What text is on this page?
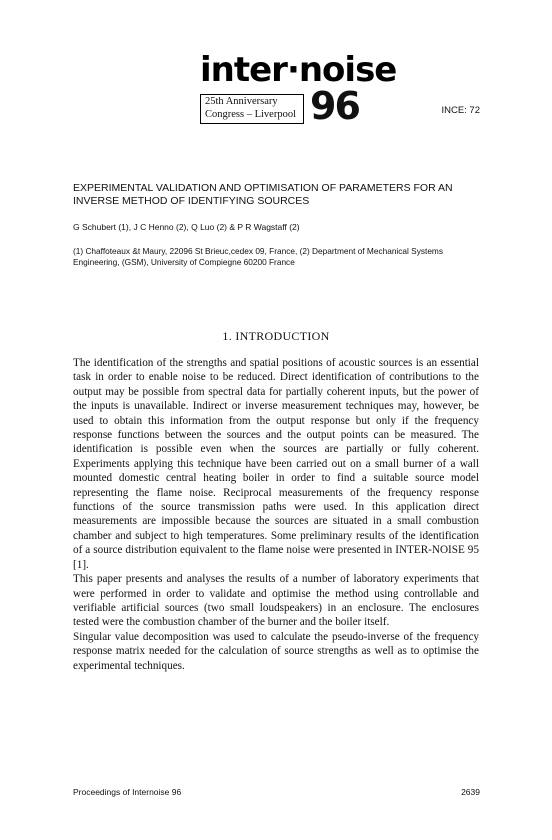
inter·noise
25th Anniversary
Congress – Liverpool 96	INCE: 72
EXPERIMENTAL VALIDATION AND OPTIMISATION OF PARAMETERS FOR AN INVERSE METHOD OF IDENTIFYING SOURCES
G Schubert (1), J C Henno (2), Q Luo (2) & P R Wagstaff (2)
(1) Chaffoteaux &t Maury, 22096 St Brieuc,cedex 09, France, (2) Department of Mechanical Systems Engineering, (GSM), University of Compiegne 60200 France
1. INTRODUCTION

The identification of the strengths and spatial positions of acoustic sources is an essential task in order to enable noise to be reduced. Direct identification of contributions to the output may be possible from spectral data for partially coherent inputs, but the power of the inputs is unavailable. Indirect or inverse measurement techniques may, however, be used to obtain this information from the output response but only if the frequency response functions between the sources and the output points can be measured. The identification is possible even when the sources are partially or fully coherent. Experiments applying this technique have been carried out on a small burner of a wall mounted domestic central heating boiler in order to find a suitable source model representing the flame noise. Reciprocal measurements of the frequency response functions of the source transmission paths were used. In this application direct measurements are impossible because the sources are situated in a small combustion chamber and subject to high temperatures. Some preliminary results of the identification of a source distribution equivalent to the flame noise were presented in INTER-NOISE 95 [1].

This paper presents and analyses the results of a number of laboratory experiments that were performed in order to validate and optimise the method using controllable and verifiable artificial sources (two small loudspeakers) in an enclosure. The enclosures tested were the combustion chamber of the burner and the boiler itself.

Singular value decomposition was used to calculate the pseudo-inverse of the frequency response matrix needed for the calculation of source strengths as well as to optimise the experimental techniques.

Proceedings of Internoise 96	2639
